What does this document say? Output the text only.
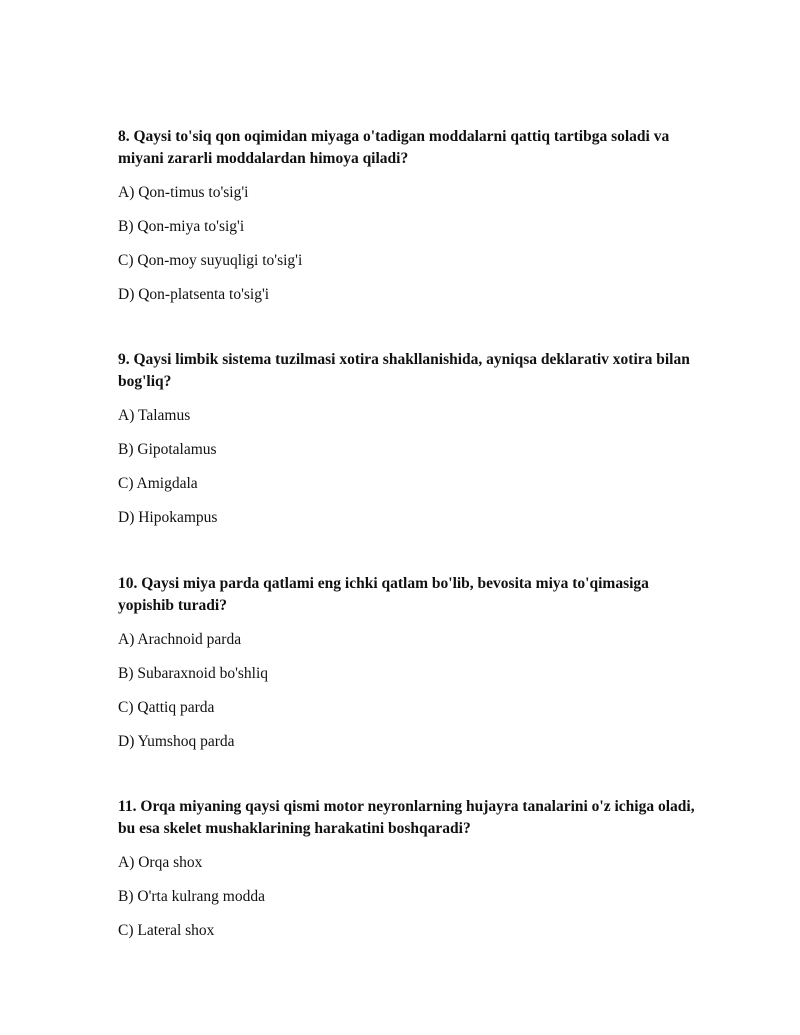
8. Qaysi to'siq qon oqimidan miyaga o'tadigan moddalarni qattiq tartibga soladi va miyani zararli moddalardan himoya qiladi?

A) Qon-timus to'sig'i

B) Qon-miya to'sig'i

C) Qon-moy suyuqligi to'sig'i

D) Qon-platsenta to'sig'i

9. Qaysi limbik sistema tuzilmasi xotira shakllanishida, ayniqsa deklarativ xotira bilan bog'liq?

A) Talamus

B) Gipotalamus

C) Amigdala

D) Hipokampus

10. Qaysi miya parda qatlami eng ichki qatlam bo'lib, bevosita miya to'qimasiga yopishib turadi?

A) Arachnoid parda

B) Subaraxnoid bo'shliq

C) Qattiq parda

D) Yumshoq parda

11. Orqa miyaning qaysi qismi motor neyronlarning hujayra tanalarini o'z ichiga oladi, bu esa skelet mushaklarining harakatini boshqaradi?

A) Orqa shox

B) O'rta kulrang modda

C) Lateral shox
